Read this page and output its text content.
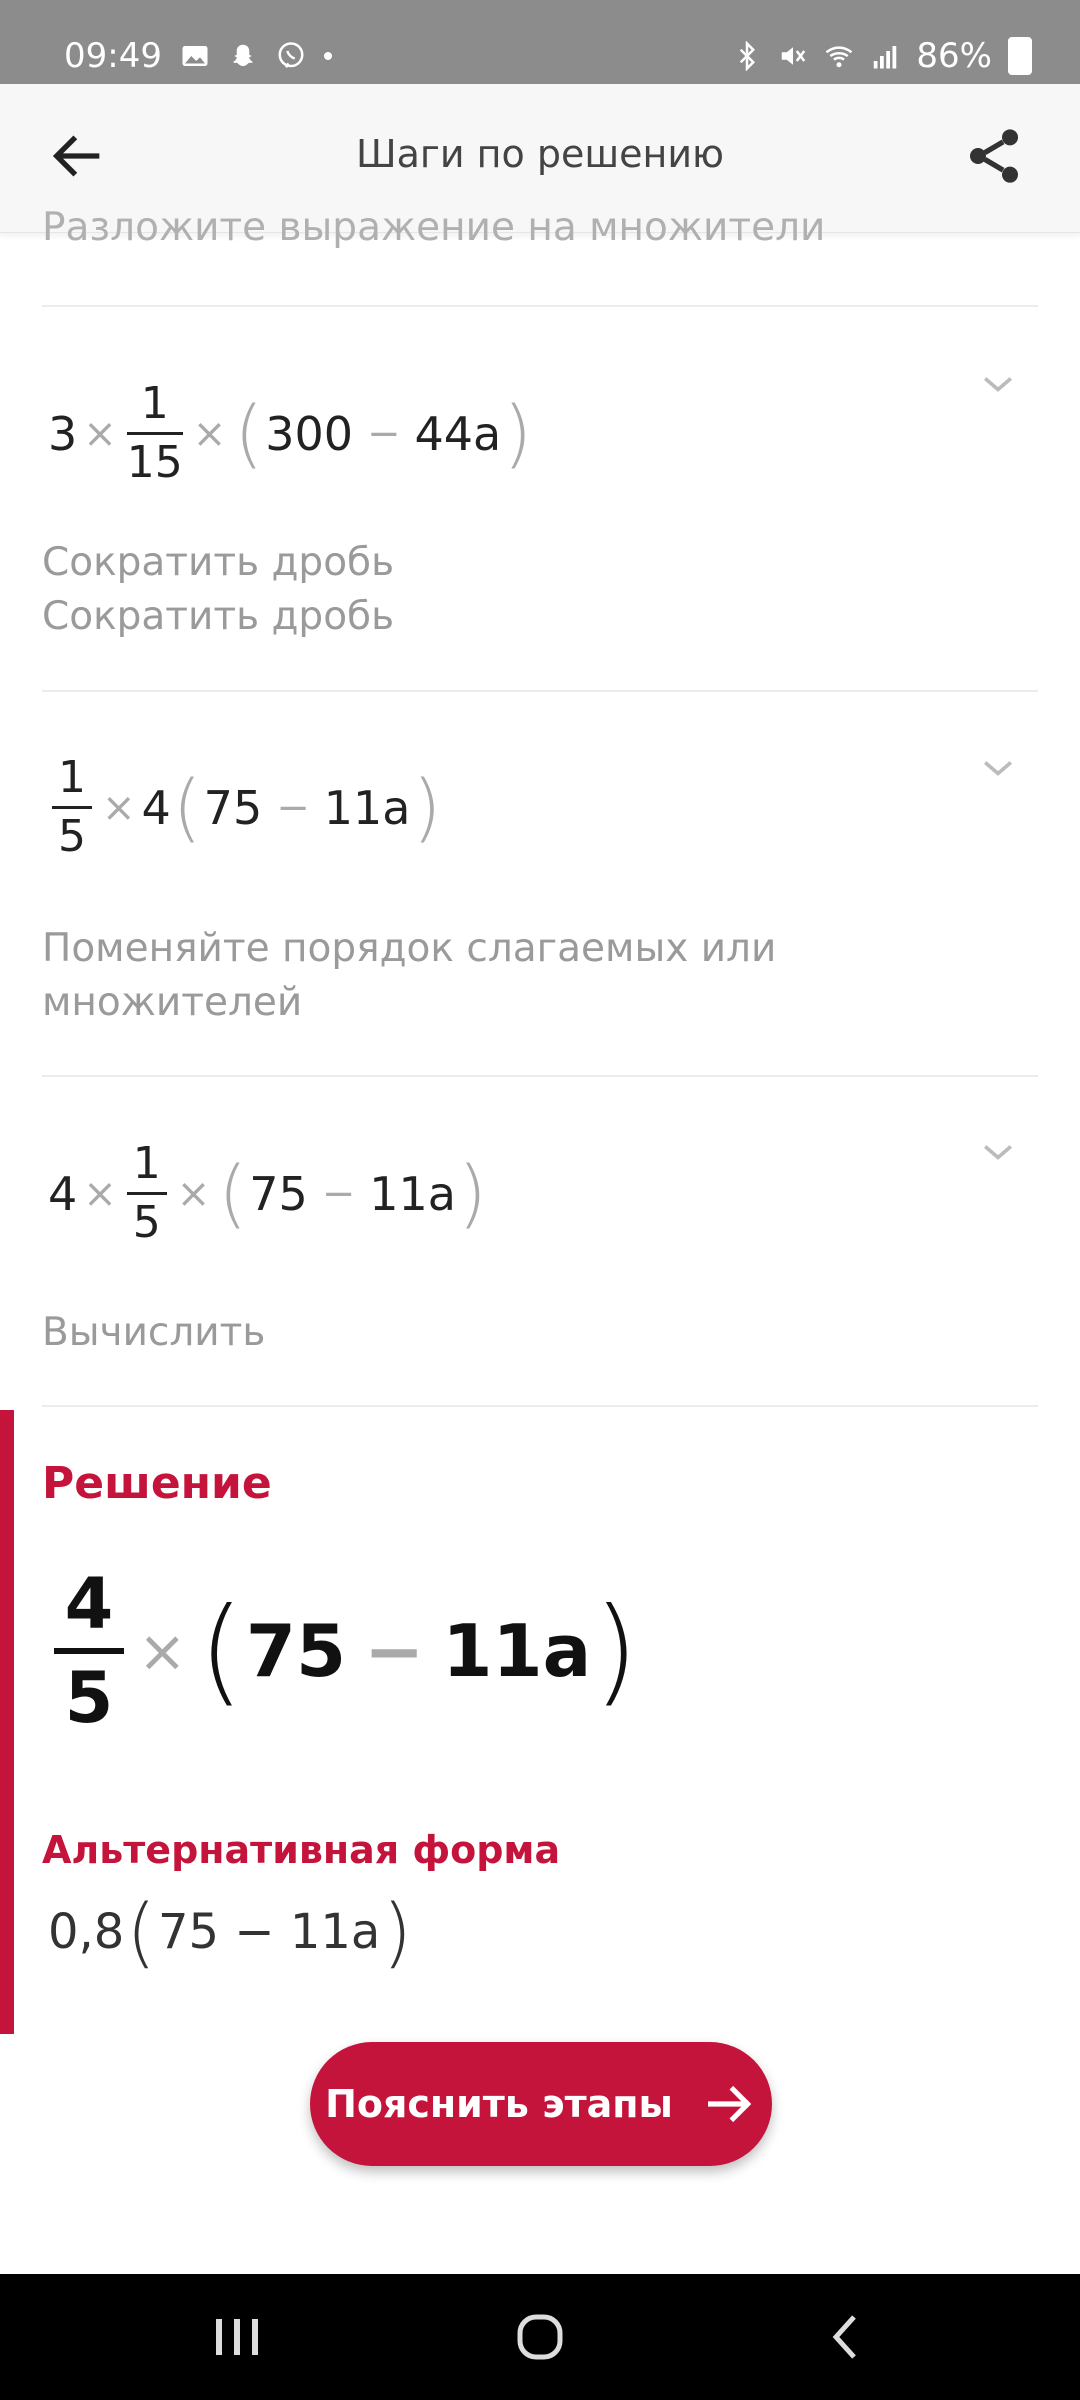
09:49	86%
Шаги по решению
Разложите выражение на множители
$3 \times \frac{1}{15}$ × ( 300 − 44a )
Сократить дробь
Сократить дробь
$\frac{1}{5} \times 4$ ( 75 − 11a )
Поменяйте порядок слагаемых или
множителей
$4 \times \frac{1}{5}$ × ( 75 − 11a )
Вычислить
Решение
4
5
× ( 75 − 11a )
Альтернативная форма
0,8 ( 75 − 11a )
Пояснить этапы
